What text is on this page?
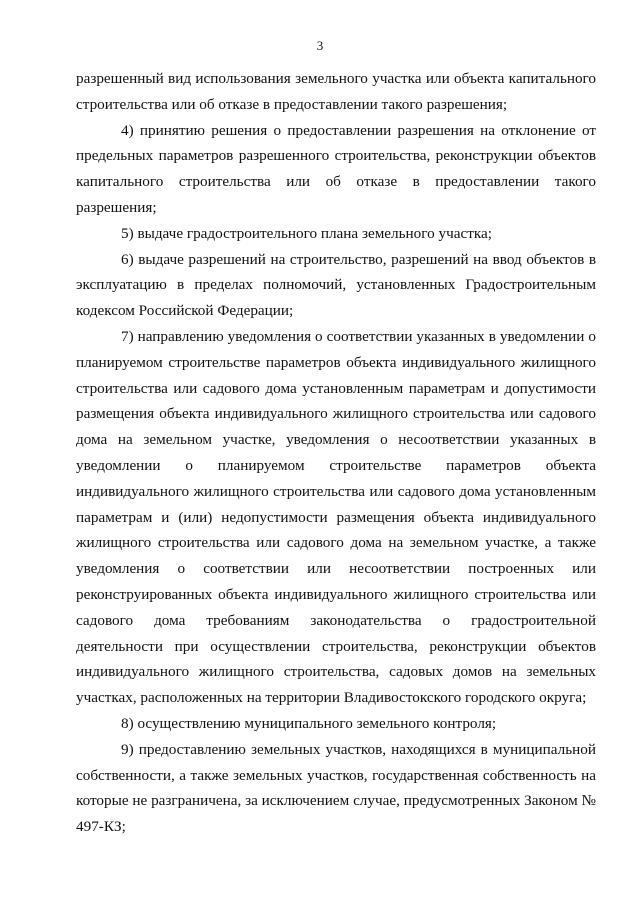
3

разрешенный вид использования земельного участка или объекта капитального строительства или об отказе в предоставлении такого разрешения;

4) принятию решения о предоставлении разрешения на отклонение от предельных параметров разрешенного строительства, реконструкции объектов капитального строительства или об отказе в предоставлении такого разрешения;

5) выдаче градостроительного плана земельного участка;

6) выдаче разрешений на строительство, разрешений на ввод объектов в эксплуатацию в пределах полномочий, установленных Градостроительным кодексом Российской Федерации;

7) направлению уведомления о соответствии указанных в уведомлении о планируемом строительстве параметров объекта индивидуального жилищного строительства или садового дома установленным параметрам и допустимости размещения объекта индивидуального жилищного строительства или садового дома на земельном участке, уведомления о несоответствии указанных в уведомлении о планируемом строительстве параметров объекта индивидуального жилищного строительства или садового дома установленным параметрам и (или) недопустимости размещения объекта индивидуального жилищного строительства или садового дома на земельном участке, а также уведомления о соответствии или несоответствии построенных или реконструированных объекта индивидуального жилищного строительства или садового дома требованиям законодательства о градостроительной деятельности при осуществлении строительства, реконструкции объектов индивидуального жилищного строительства, садовых домов на земельных участках, расположенных на территории Владивостокского городского округа;

8) осуществлению муниципального земельного контроля;

9) предоставлению земельных участков, находящихся в муниципальной собственности, а также земельных участков, государственная собственность на которые не разграничена, за исключением случае, предусмотренных Законом № 497-КЗ;
